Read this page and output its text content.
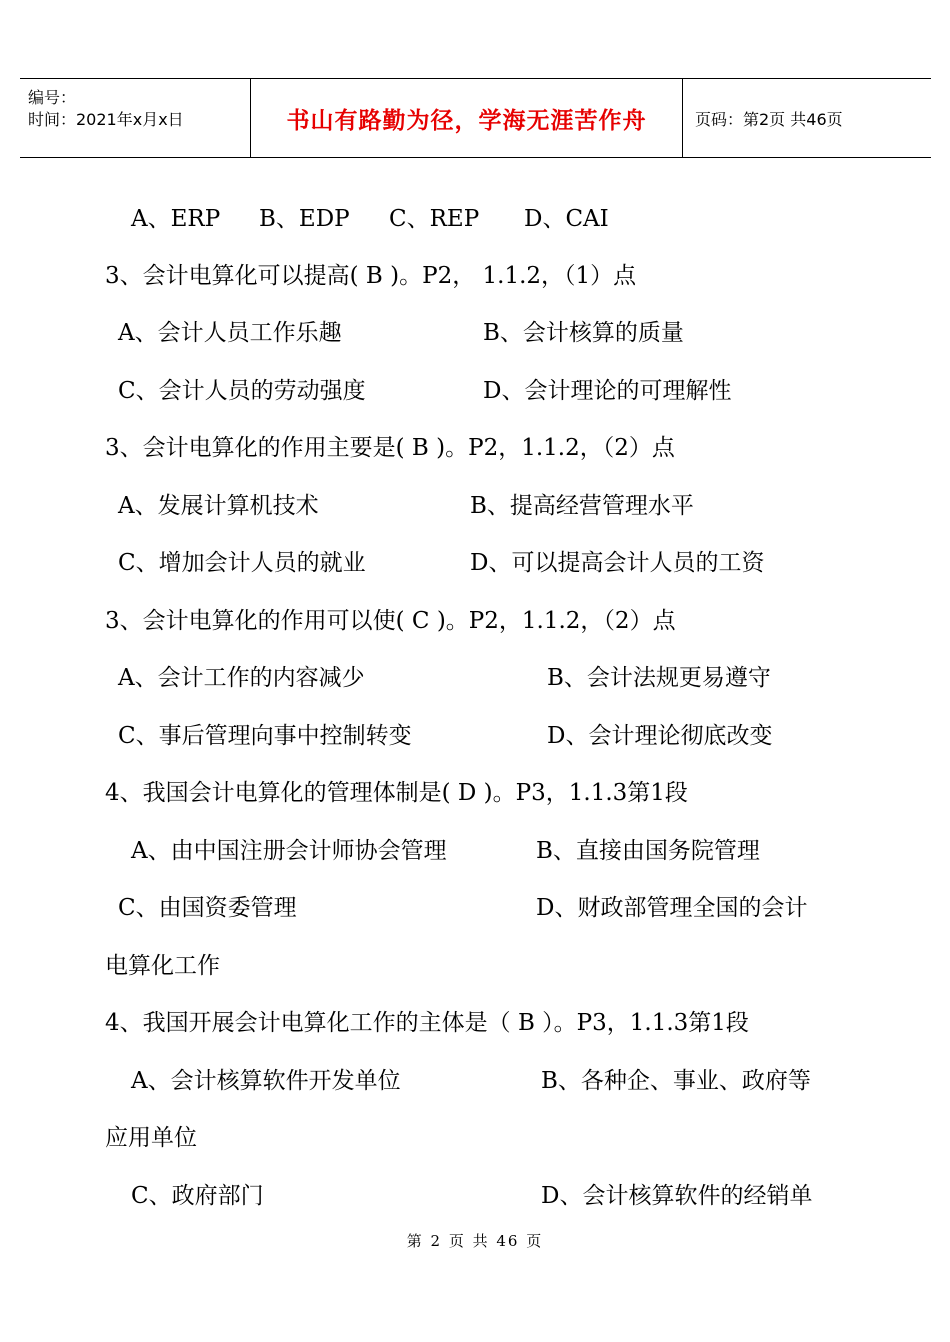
编号：
时间：2021年x月x日	书山有路勤为径，学海无涯苦作舟	页码：第2页 共46页
A、ERP B、EDP C、REP D、CAI
3、会计电算化可以提高( B )。P2， 1.1.2，（1）点
A、会计人员工作乐趣	B、会计核算的质量
C、会计人员的劳动强度	D、会计理论的可理解性
3、会计电算化的作用主要是( B )。P2，1.1.2，（2）点
A、发展计算机技术	B、提高经营管理水平
C、增加会计人员的就业	D、可以提高会计人员的工资
3、会计电算化的作用可以使( C )。P2，1.1.2，（2）点
A、会计工作的内容减少	B、会计法规更易遵守
C、事后管理向事中控制转变	D、会计理论彻底改变
4、我国会计电算化的管理体制是( D )。P3，1.1.3第1段
A、由中国注册会计师协会管理	B、直接由国务院管理
C、由国资委管理	D、财政部管理全国的会计
电算化工作
4、我国开展会计电算化工作的主体是（ B ）。P3，1.1.3第1段
A、会计核算软件开发单位	B、各种企、事业、政府等
应用单位
C、政府部门	D、会计核算软件的经销单
第 2 页 共 46 页
